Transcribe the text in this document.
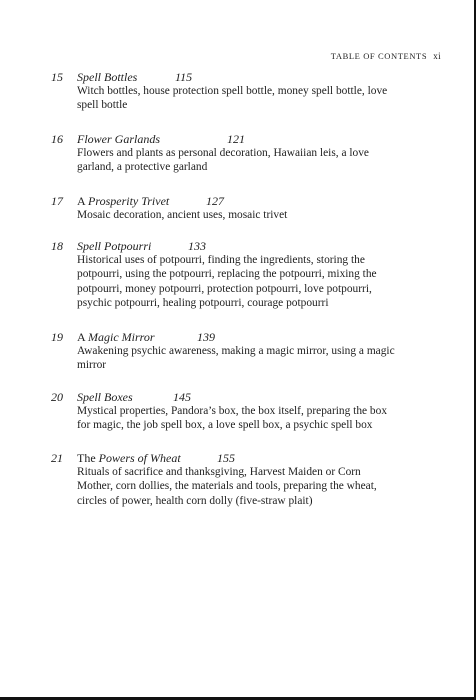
TABLE OF CONTENTS xi
15 Spell Bottles	115
Witch bottles, house protection spell bottle, money spell bottle, love spell bottle
16 Flower Garlands	121
Flowers and plants as personal decoration, Hawaiian leis, a love garland, a protective garland
17 A Prosperity Trivet	127
Mosaic decoration, ancient uses, mosaic trivet
18 Spell Potpourri	133
Historical uses of potpourri, finding the ingredients, storing the potpourri, using the potpourri, replacing the potpourri, mixing the potpourri, money potpourri, protection potpourri, love potpourri, psychic potpourri, healing potpourri, courage potpourri
19 A Magic Mirror	139
Awakening psychic awareness, making a magic mirror, using a magic mirror
20 Spell Boxes	145
Mystical properties, Pandora’s box, the box itself, preparing the box for magic, the job spell box, a love spell box, a psychic spell box
21 The Powers of Wheat	155
Rituals of sacrifice and thanksgiving, Harvest Maiden or Corn Mother, corn dollies, the materials and tools, preparing the wheat, circles of power, health corn dolly (five-straw plait)
